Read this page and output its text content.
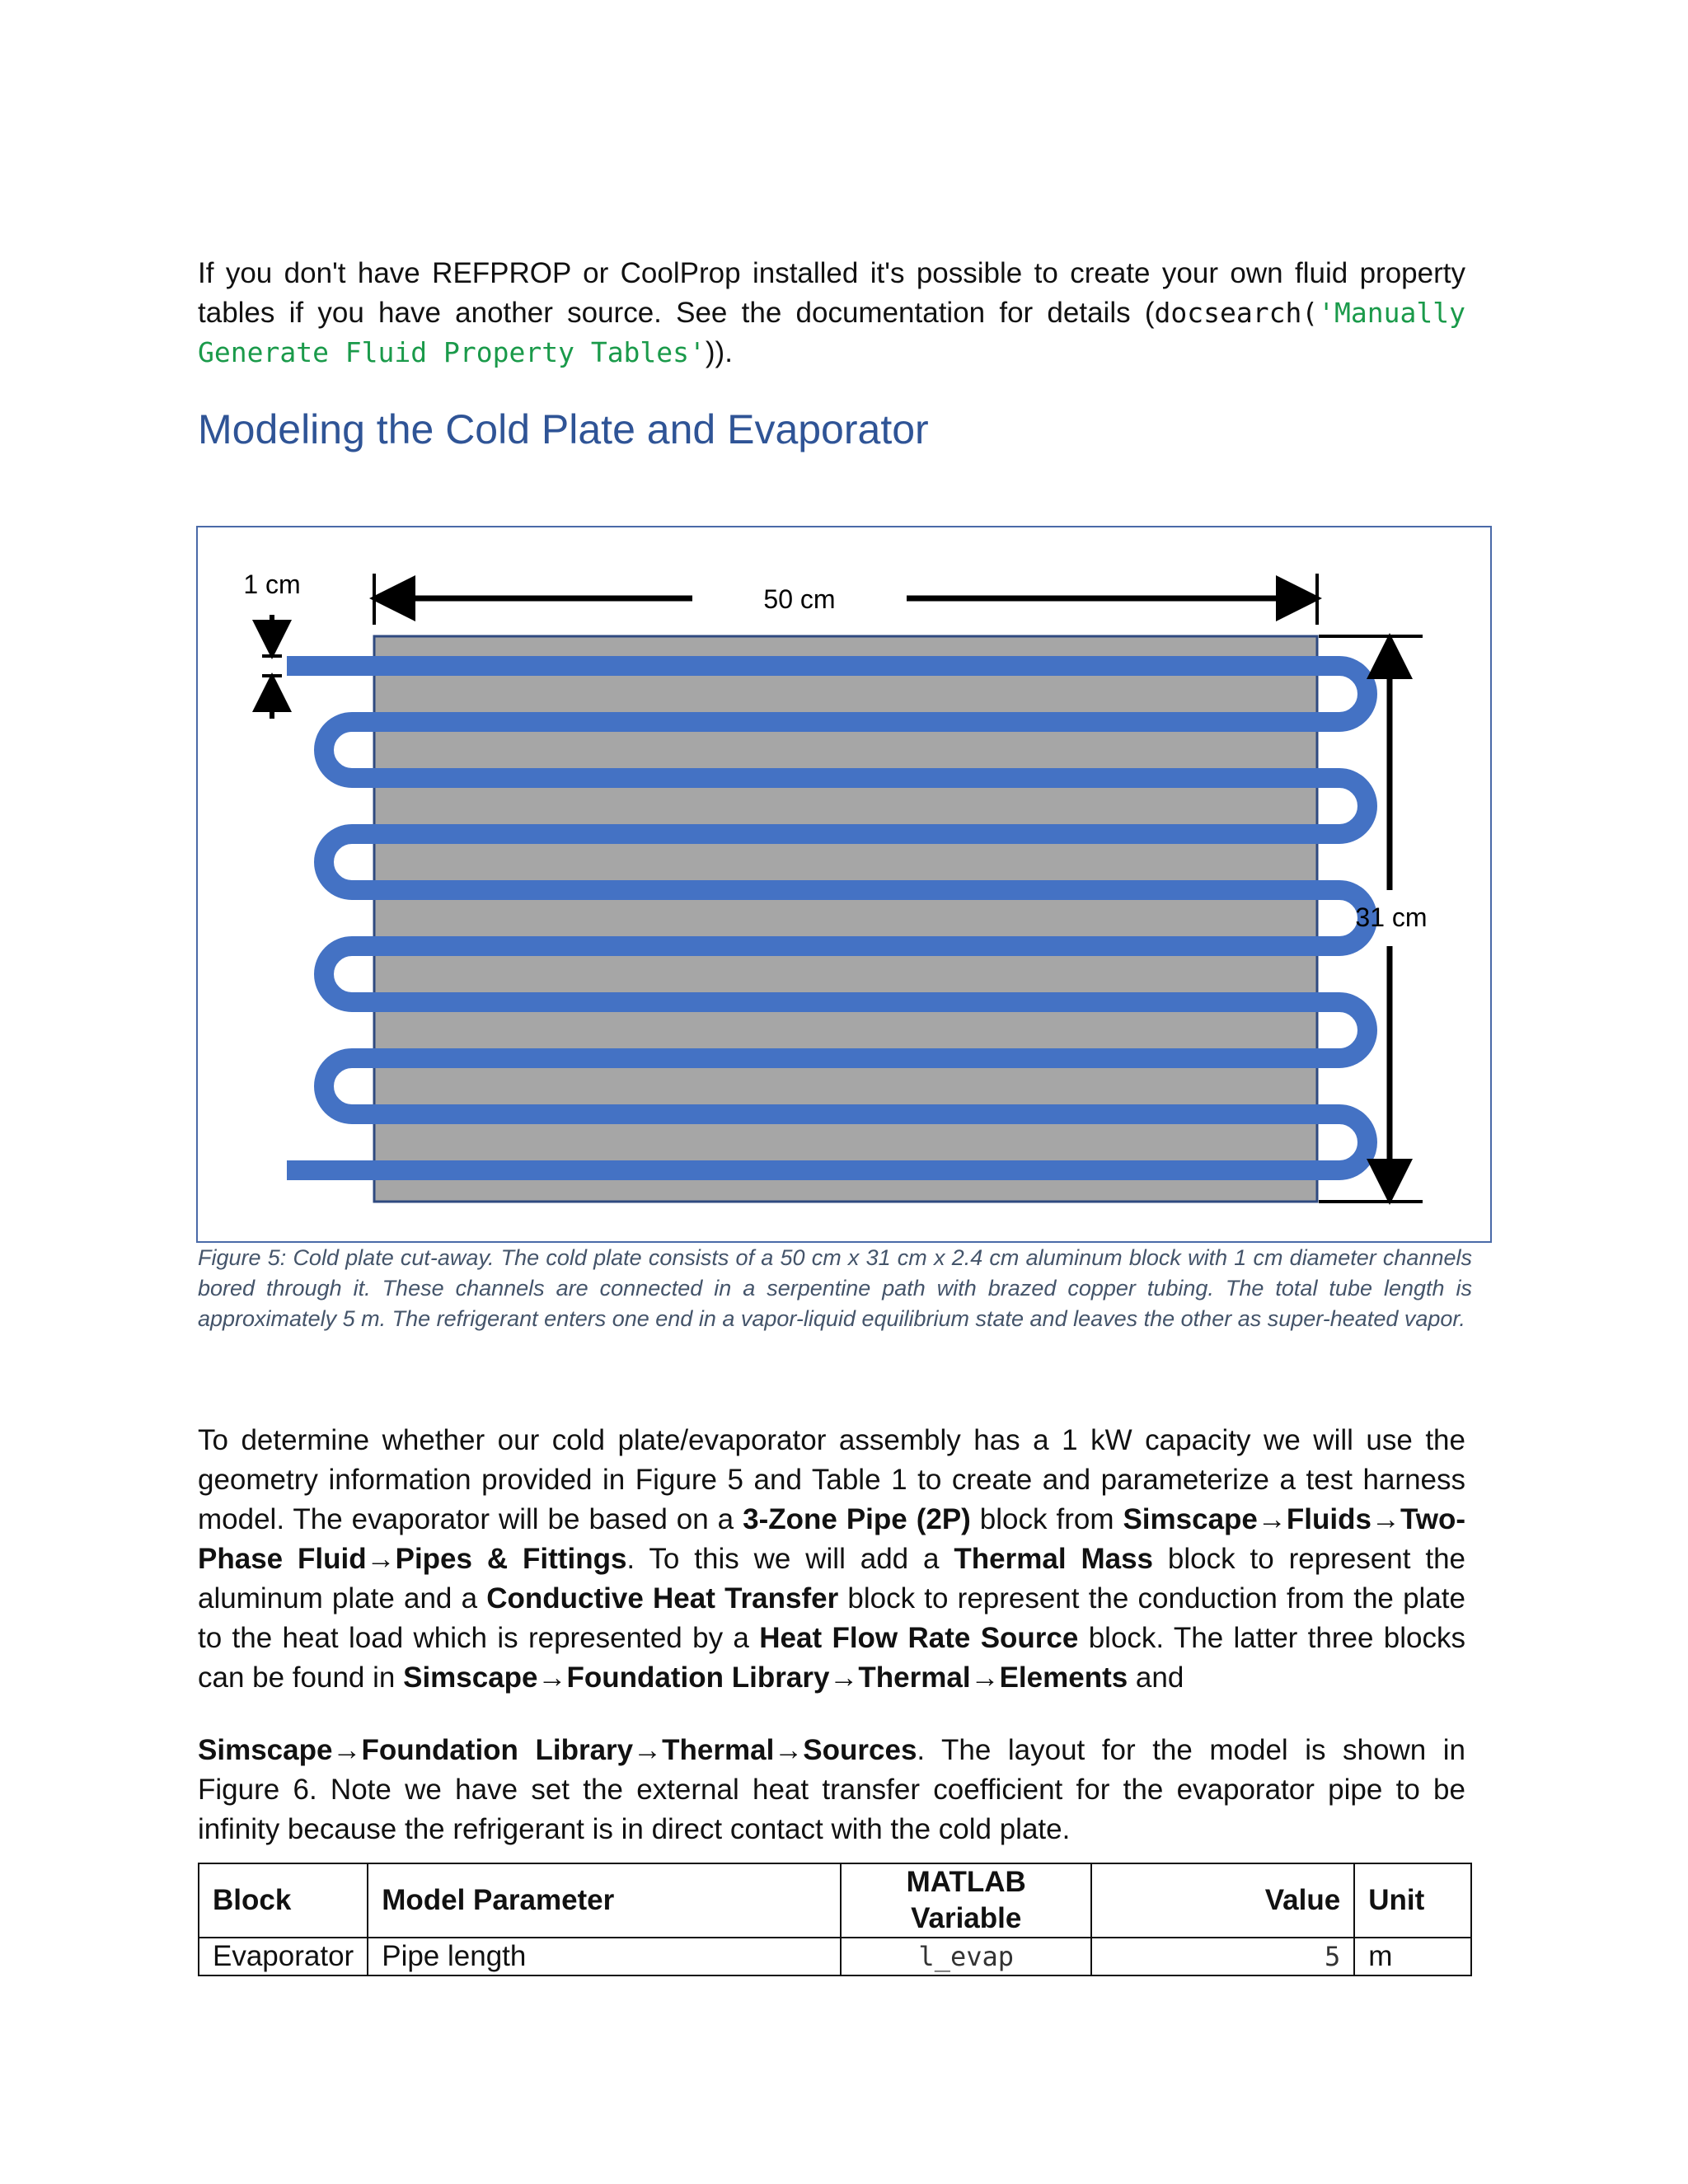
If you don't have REFPROP or CoolProp installed it's possible to create your own fluid property tables if you have another source. See the documentation for details (docsearch('Manually Generate Fluid Property Tables')).

Modeling the Cold Plate and Evaporator
50 cm
31 cm
1 cm

Figure 5: Cold plate cut-away. The cold plate consists of a 50 cm x 31 cm x 2.4 cm aluminum block with 1 cm diameter channels bored through it. These channels are connected in a serpentine path with brazed copper tubing. The total tube length is approximately 5 m. The refrigerant enters one end in a vapor-liquid equilibrium state and leaves the other as super-heated vapor.

To determine whether our cold plate/evaporator assembly has a 1 kW capacity we will use the geometry information provided in Figure 5 and Table 1 to create and parameterize a test harness model. The evaporator will be based on a 3-Zone Pipe (2P) block from Simscape→Fluids→Two-Phase Fluid→Pipes & Fittings. To this we will add a Thermal Mass block to represent the aluminum plate and a Conductive Heat Transfer block to represent the conduction from the plate to the heat load which is represented by a Heat Flow Rate Source block. The latter three blocks can be found in Simscape→Foundation Library→Thermal→Elements and

Simscape→Foundation Library→Thermal→Sources. The layout for the model is shown in Figure 6. Note we have set the external heat transfer coefficient for the evaporator pipe to be infinity because the refrigerant is in direct contact with the cold plate.

Block	Model Parameter	MATLAB Variable	Value	Unit
Evaporator	Pipe length	l_evap	5	m
